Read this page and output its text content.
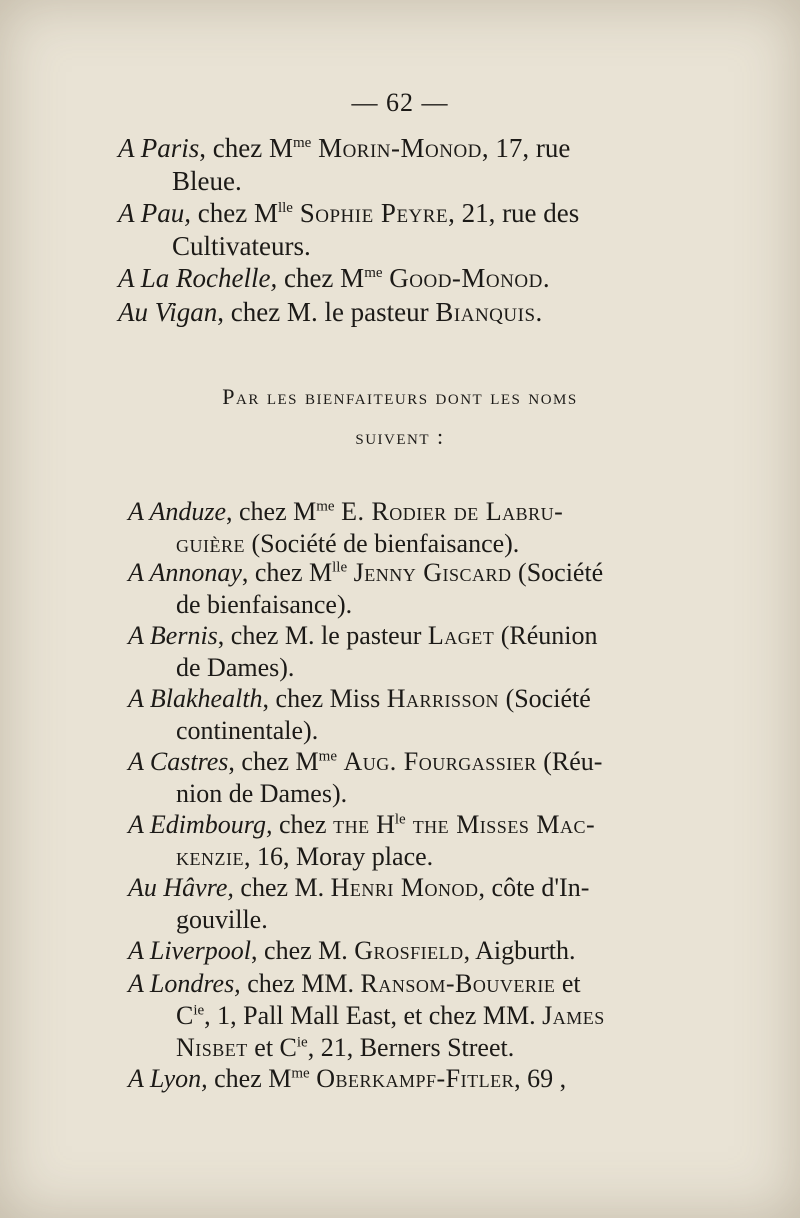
— 62 —
A Paris, chez $M^{me}$ Morin-Monod, 17, rue
Bleue.
A Pau, chez $M^{lle}$ Sophie Peyre, 21, rue des
Cultivateurs.
A La Rochelle, chez $M^{me}$ Good-Monod.
Au Vigan, chez M. le pasteur Bianquis.
Par les bienfaiteurs dont les noms
suivent :
A Anduze, chez $M^{me}$ E. Rodier de Labru-
guière (Société de bienfaisance).
A Annonay, chez $M^{lle}$ Jenny Giscard (Société
de bienfaisance).
A Bernis, chez M. le pasteur Laget (Réunion
de Dames).
A Blakhealth, chez Miss Harrisson (Société
continentale).
A Castres, chez $M^{me}$ Aug. Fourgassier (Réu-
nion de Dames).
A Edimbourg, chez the $H^{le}$ the Misses Mac-
kenzie, 16, Moray place.
Au Hâvre, chez M. Henri Monod, côte d'In-
gouville.
A Liverpool, chez M. Grosfield, Aigburth.
A Londres, chez MM. Ransom-Bouverie et
$C^{ie}$, 1, Pall Mall East, et chez MM. James
Nisbet et $C^{ie}$, 21, Berners Street.
A Lyon, chez $M^{me}$ Oberkampf-Fitler, 69 ,
